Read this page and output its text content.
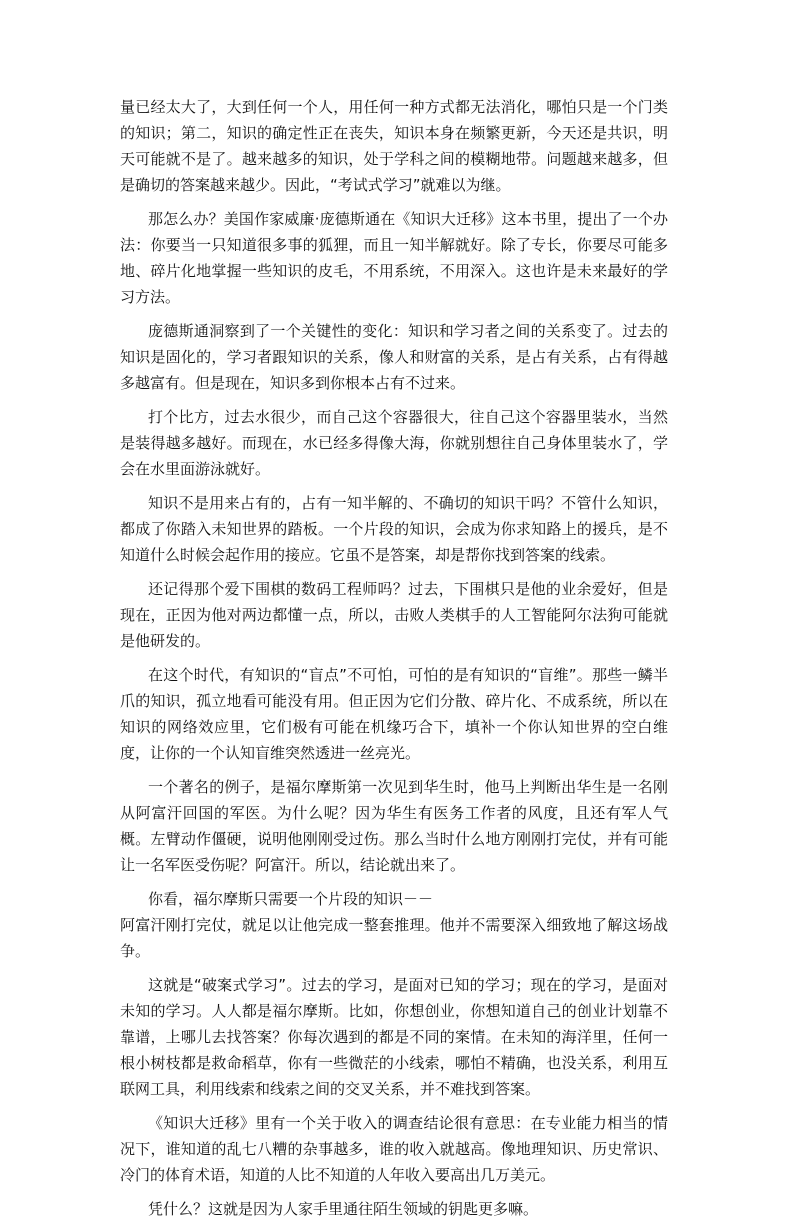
量已经太大了，大到任何一个人，用任何一种方式都无法消化，哪怕只是一个门类的知识；第二，知识的确定性正在丧失，知识本身在频繁更新，今天还是共识，明天可能就不是了。越来越多的知识，处于学科之间的模糊地带。问题越来越多，但是确切的答案越来越少。因此，“考试式学习”就难以为继。

那怎么办？美国作家威廉·庞德斯通在《知识大迁移》这本书里，提出了一个办法：你要当一只知道很多事的狐狸，而且一知半解就好。除了专长，你要尽可能多地、碎片化地掌握一些知识的皮毛，不用系统，不用深入。这也许是未来最好的学习方法。

庞德斯通洞察到了一个关键性的变化：知识和学习者之间的关系变了。过去的知识是固化的，学习者跟知识的关系，像人和财富的关系，是占有关系，占有得越多越富有。但是现在，知识多到你根本占有不过来。

打个比方，过去水很少，而自己这个容器很大，往自己这个容器里装水，当然是装得越多越好。而现在，水已经多得像大海，你就别想往自己身体里装水了，学会在水里面游泳就好。

知识不是用来占有的，占有一知半解的、不确切的知识干吗？不管什么知识，都成了你踏入未知世界的踏板。一个片段的知识，会成为你求知路上的援兵，是不知道什么时候会起作用的接应。它虽不是答案，却是帮你找到答案的线索。

还记得那个爱下围棋的数码工程师吗？过去，下围棋只是他的业余爱好，但是现在，正因为他对两边都懂一点，所以，击败人类棋手的人工智能阿尔法狗可能就是他研发的。

在这个时代，有知识的“盲点”不可怕，可怕的是有知识的“盲维”。那些一鳞半爪的知识，孤立地看可能没有用。但正因为它们分散、碎片化、不成系统，所以在知识的网络效应里，它们极有可能在机缘巧合下，填补一个你认知世界的空白维度，让你的一个认知盲维突然透进一丝亮光。

一个著名的例子，是福尔摩斯第一次见到华生时，他马上判断出华生是一名刚从阿富汗回国的军医。为什么呢？因为华生有医务工作者的风度，且还有军人气概。左臂动作僵硬，说明他刚刚受过伤。那么当时什么地方刚刚打完仗，并有可能让一名军医受伤呢？阿富汗。所以，结论就出来了。

你看，福尔摩斯只需要一个片段的知识－－

阿富汗刚打完仗，就足以让他完成一整套推理。他并不需要深入细致地了解这场战争。

这就是“破案式学习”。过去的学习，是面对已知的学习；现在的学习，是面对未知的学习。人人都是福尔摩斯。比如，你想创业，你想知道自己的创业计划靠不靠谱，上哪儿去找答案？你每次遇到的都是不同的案情。在未知的海洋里，任何一根小树枝都是救命稻草，你有一些微茫的小线索，哪怕不精确，也没关系，利用互联网工具，利用线索和线索之间的交叉关系，并不难找到答案。

《知识大迁移》里有一个关于收入的调查结论很有意思：在专业能力相当的情况下，谁知道的乱七八糟的杂事越多，谁的收入就越高。像地理知识、历史常识、冷门的体育术语，知道的人比不知道的人年收入要高出几万美元。

凭什么？这就是因为人家手里通往陌生领域的钥匙更多嘛。
